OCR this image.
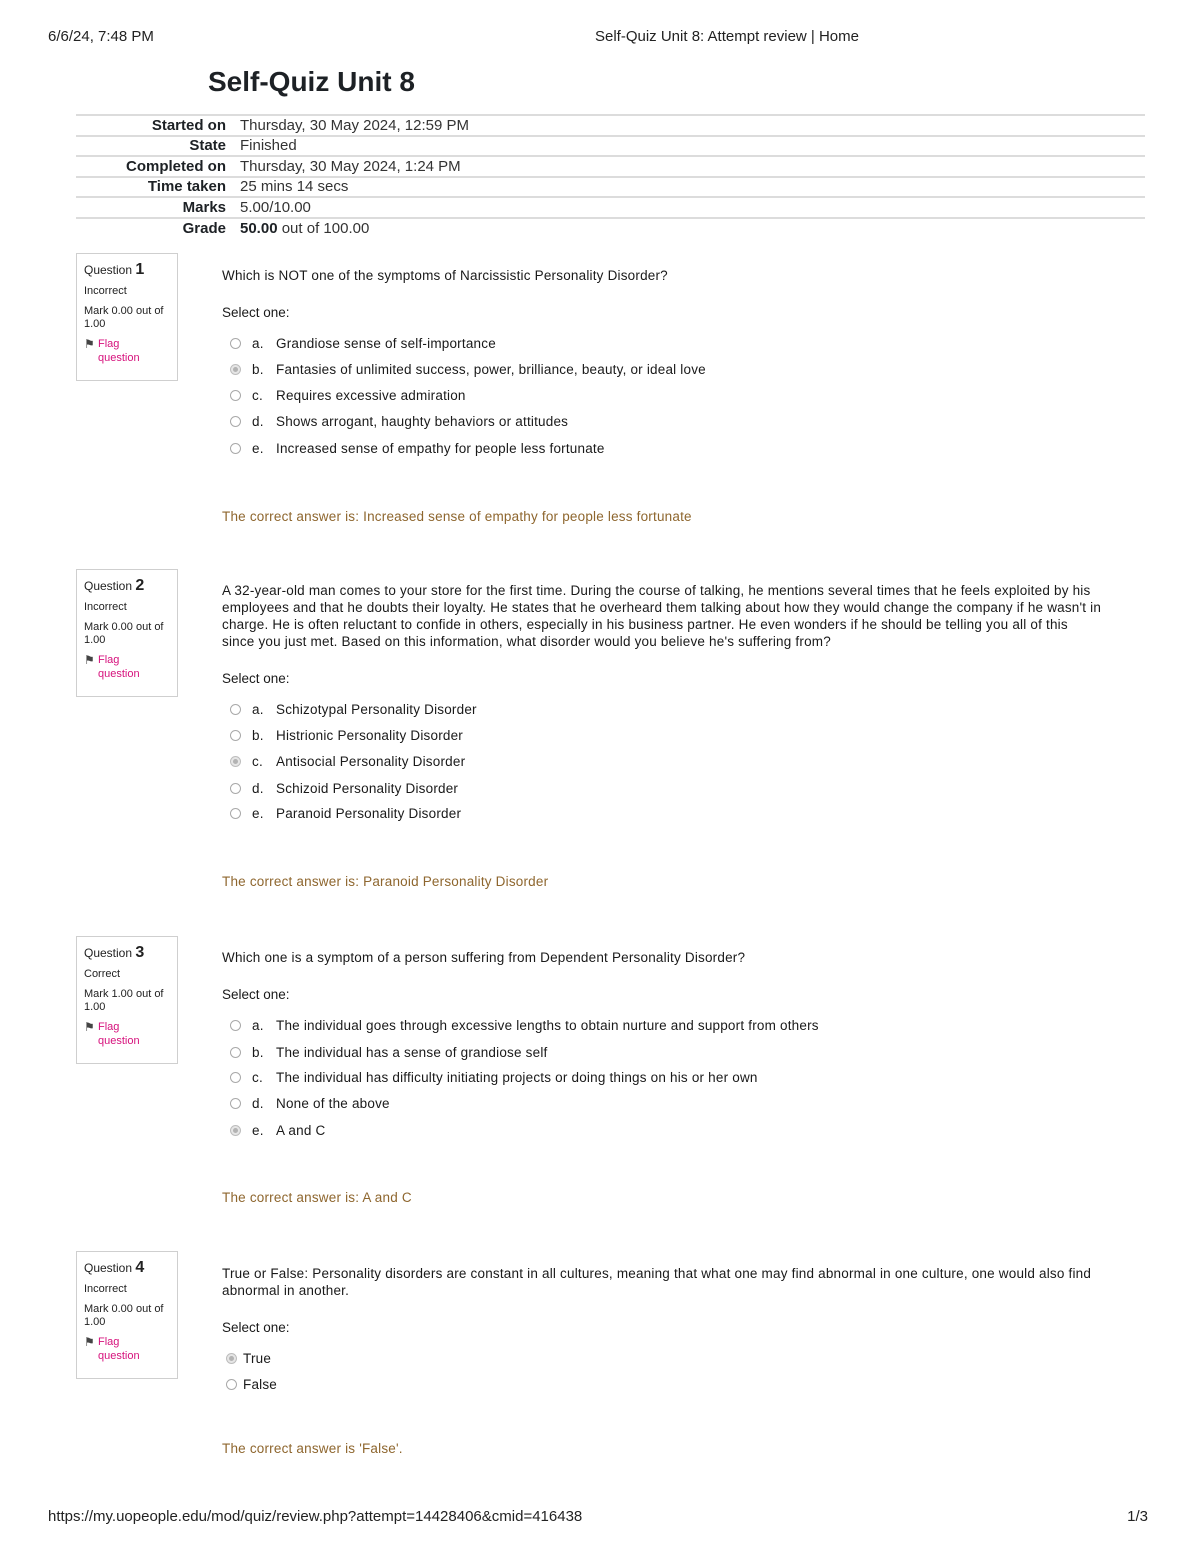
6/6/24, 7:48 PM	Self-Quiz Unit 8: Attempt review | Home
Self-Quiz Unit 8
Started on	Thursday, 30 May 2024, 12:59 PM
State	Finished
Completed on	Thursday, 30 May 2024, 1:24 PM
Time taken	25 mins 14 secs
Marks	5.00/10.00
Grade	50.00 out of 100.00
Question 1
Incorrect
Mark 0.00 out of 1.00
⚑ Flag question
Which is NOT one of the symptoms of Narcissistic Personality Disorder?
Select one:
a. Grandiose sense of self-importance
b. Fantasies of unlimited success, power, brilliance, beauty, or ideal love
c. Requires excessive admiration
d. Shows arrogant, haughty behaviors or attitudes
e. Increased sense of empathy for people less fortunate
The correct answer is: Increased sense of empathy for people less fortunate
Question 2
Incorrect
Mark 0.00 out of 1.00
⚑ Flag question
A 32-year-old man comes to your store for the first time. During the course of talking, he mentions several times that he feels exploited by his employees and that he doubts their loyalty. He states that he overheard them talking about how they would change the company if he wasn't in charge. He is often reluctant to confide in others, especially in his business partner. He even wonders if he should be telling you all of this since you just met. Based on this information, what disorder would you believe he's suffering from?
Select one:
a. Schizotypal Personality Disorder
b. Histrionic Personality Disorder
c. Antisocial Personality Disorder
d. Schizoid Personality Disorder
e. Paranoid Personality Disorder
The correct answer is: Paranoid Personality Disorder
Question 3
Correct
Mark 1.00 out of 1.00
⚑ Flag question
Which one is a symptom of a person suffering from Dependent Personality Disorder?
Select one:
a. The individual goes through excessive lengths to obtain nurture and support from others
b. The individual has a sense of grandiose self
c. The individual has difficulty initiating projects or doing things on his or her own
d. None of the above
e. A and C
The correct answer is: A and C
Question 4
Incorrect
Mark 0.00 out of 1.00
⚑ Flag question
True or False: Personality disorders are constant in all cultures, meaning that what one may find abnormal in one culture, one would also find abnormal in another.
Select one:
True
False
The correct answer is 'False'.
https://my.uopeople.edu/mod/quiz/review.php?attempt=14428406&cmid=416438	1/3
